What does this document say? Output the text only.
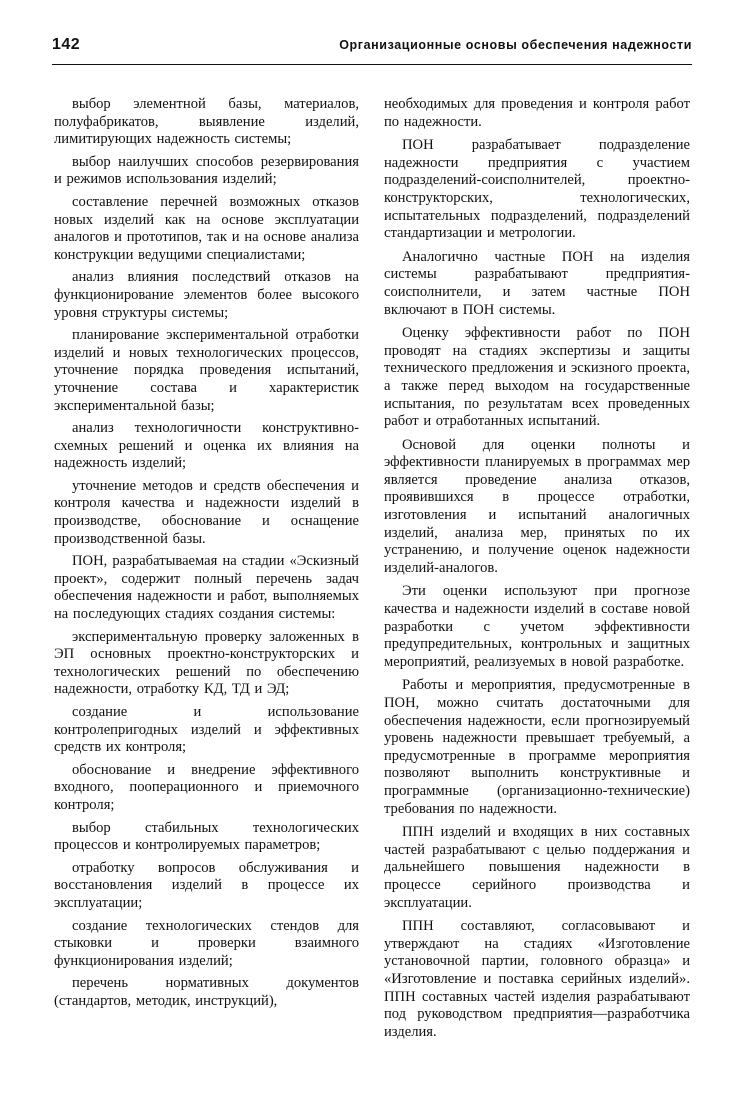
142	Организационные основы обеспечения надежности

выбор элементной базы, материалов, полуфабрикатов, выявление изделий, лимитирующих надежность системы;

выбор наилучших способов резервирования и режимов использования изделий;

составление перечней возможных отказов новых изделий как на основе эксплуатации аналогов и прототипов, так и на основе анализа конструкции ведущими специалистами;

анализ влияния последствий отказов на функционирование элементов более высокого уровня структуры системы;

планирование экспериментальной отработки изделий и новых технологических процессов, уточнение порядка проведения испытаний, уточнение состава и характеристик экспериментальной базы;

анализ технологичности конструктивно-схемных решений и оценка их влияния на надежность изделий;

уточнение методов и средств обеспечения и контроля качества и надежности изделий в производстве, обоснование и оснащение производственной базы.

ПОН, разрабатываемая на стадии «Эскизный проект», содержит полный перечень задач обеспечения надежности и работ, выполняемых на последующих стадиях создания системы:

экспериментальную проверку заложенных в ЭП основных проектно-конструкторских и технологических решений по обеспечению надежности, отработку КД, ТД и ЭД;

создание и использование контролепригодных изделий и эффективных средств их контроля;

обоснование и внедрение эффективного входного, пооперационного и приемочного контроля;

выбор стабильных технологических процессов и контролируемых параметров;

отработку вопросов обслуживания и восстановления изделий в процессе их эксплуатации;

создание технологических стендов для стыковки и проверки взаимного функционирования изделий;

перечень нормативных документов (стандартов, методик, инструкций),

необходимых для проведения и контроля работ по надежности.

ПОН разрабатывает подразделение надежности предприятия с участием подразделений-соисполнителей, проектно-конструкторских, технологических, испытательных подразделений, подразделений стандартизации и метрологии.

Аналогично частные ПОН на изделия системы разрабатывают предприятия-соисполнители, и затем частные ПОН включают в ПОН системы.

Оценку эффективности работ по ПОН проводят на стадиях экспертизы и защиты технического предложения и эскизного проекта, а также перед выходом на государственные испытания, по результатам всех проведенных работ и отработанных испытаний.

Основой для оценки полноты и эффективности планируемых в программах мер является проведение анализа отказов, проявившихся в процессе отработки, изготовления и испытаний аналогичных изделий, анализа мер, принятых по их устранению, и получение оценок надежности изделий-аналогов.

Эти оценки используют при прогнозе качества и надежности изделий в составе новой разработки с учетом эффективности предупредительных, контрольных и защитных мероприятий, реализуемых в новой разработке.

Работы и мероприятия, предусмотренные в ПОН, можно считать достаточными для обеспечения надежности, если прогнозируемый уровень надежности превышает требуемый, а предусмотренные в программе мероприятия позволяют выполнить конструктивные и программные (организационно-технические) требования по надежности.

ППН изделий и входящих в них составных частей разрабатывают с целью поддержания и дальнейшего повышения надежности в процессе серийного производства и эксплуатации.

ППН составляют, согласовывают и утверждают на стадиях «Изготовление установочной партии, головного образца» и «Изготовление и поставка серийных изделий». ППН составных частей изделия разрабатывают под руководством предприятия—разработчика изделия.
